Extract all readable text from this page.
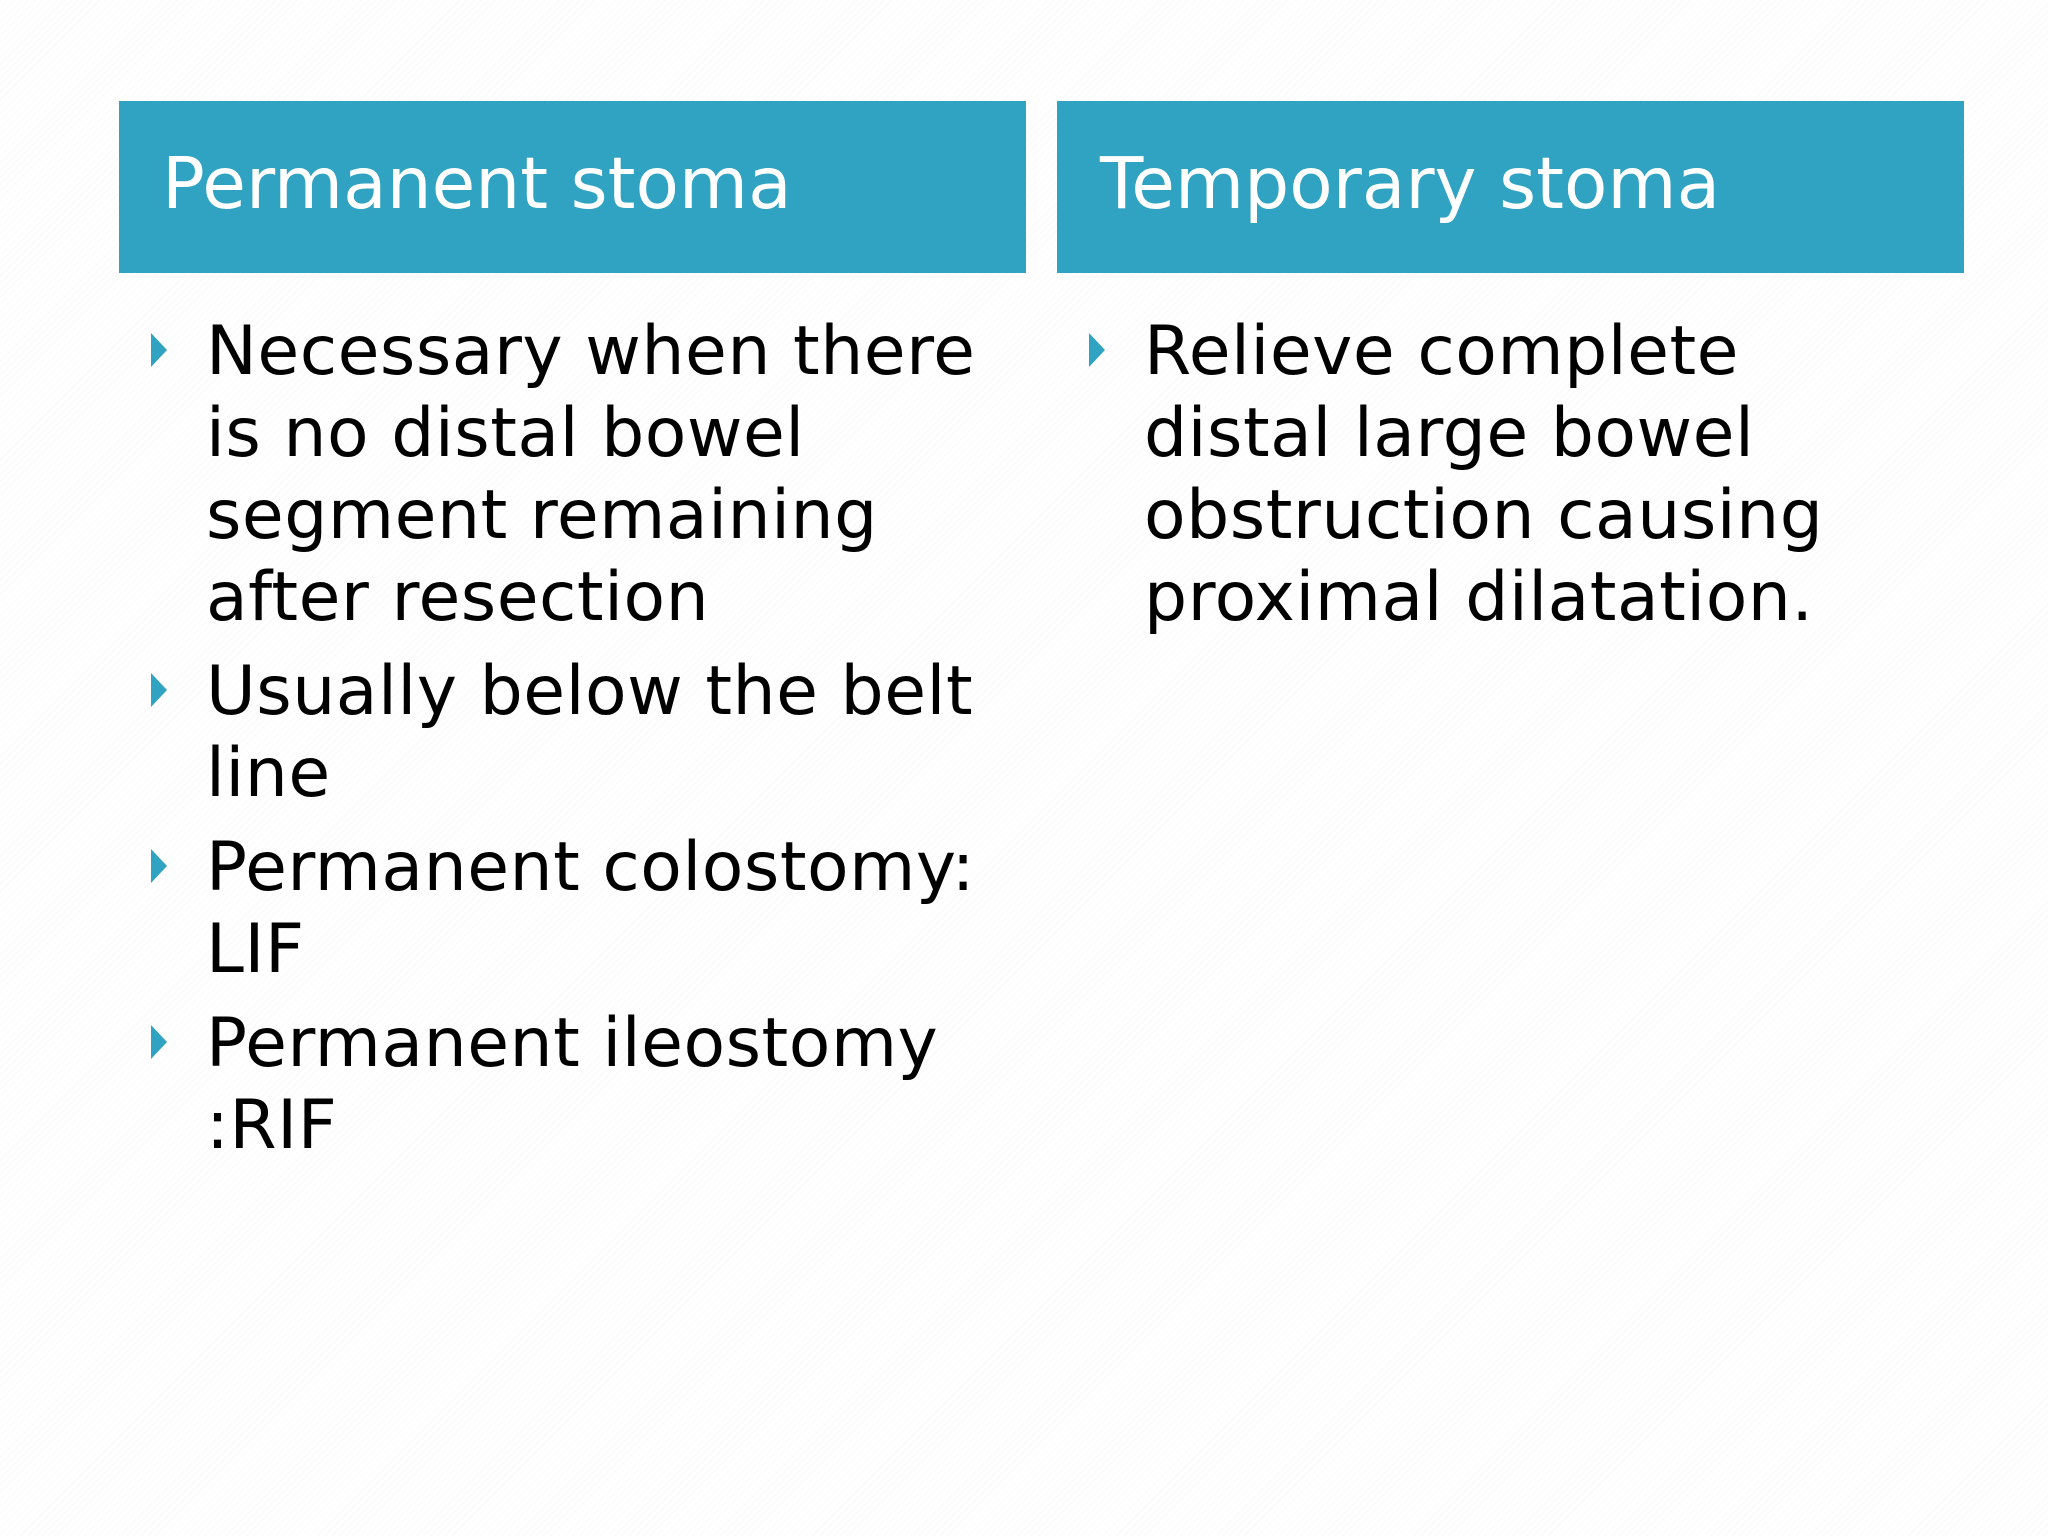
Permanent stoma
Necessary when there is no distal bowel segment remaining after resection
Usually below the belt line
Permanent colostomy: LIF
Permanent ileostomy :RIF
Temporary stoma
Relieve complete distal large bowel obstruction causing proximal dilatation.
